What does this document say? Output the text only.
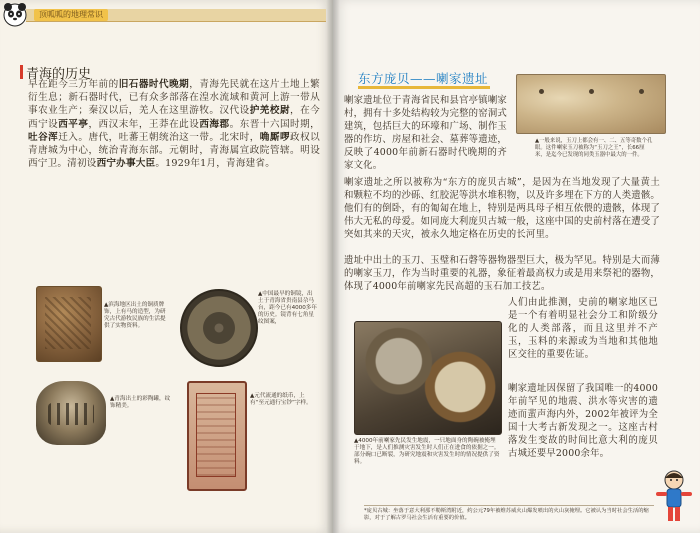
顶呱呱的地理常识
青海的历史
早在距今三万年前的旧石器时代晚期，青海先民就在这片土地上繁衍生息；新石器时代，已有众多部落在湟水流域和黄河上游一带从事农业生产；秦汉以后，羌人在这里游牧。汉代设护羌校尉，在今西宁设西平亭，西汉末年，王莽在此设西海郡。东晋十六国时期，吐谷浑迁入。唐代，吐蕃王朝统治这一带。北宋时，唃厮啰政权以青唐城为中心，统治青海东部。元朝时，青海属宣政院管辖。明设西宁卫。清初设西宁办事大臣。1929年1月，青海建省。
▲滨海地区出土的铜质牌饰，上有马的造型，为研究古代游牧民族的生活提供了实物资料。
▲中国最早的铜镜，出土于青海省贵南县尕马台，距今已有4000多年的历史。镜背有七角星纹图案，
▲青海出土的彩陶罐，纹饰精美。
▲元代流通的纸币，上有“至元通行宝钞”字样。
东方庞贝——喇家遗址
▲一般来说，玉刀上都会有一、二、五等奇数个孔眼。这件喇家玉刀被称为“玉刀之王”，长66厘米，是迄今已发现的同类玉器中最大的一件。
喇家遗址位于青海省民和县官亭镇喇家村，拥有十多处结构较为完整的窑洞式建筑，包括巨大的环壕和广场、制作玉器的作坊、房屋和社会、墓葬等遗迹，反映了4000年前新石器时代晚期的齐家文化。
喇家遗址之所以被称为“东方的庞贝古城”，是因为在当地发现了大量黄土和颗粒不均的沙砾、红胶泥等洪水堆积物，以及许多埋在下方的人类遗骸。他们有的倒卧，有的匍匐在地上，特别是两具母子相互依偎的遗骸，体现了伟大无私的母爱。如同庞大利庞贝古城一般，这座中国的史前村落在遭受了突如其来的天灾，被永久地定格在历史的长河里。
遗址中出土的玉刀、玉璧和石磬等器物器型巨大，极为罕见。特别是大而薄的喇家玉刀，作为当时重要的礼器，象征着最高权力或是用来祭祀的器物，体现了4000年前喇家先民高超的玉石加工技艺。
▲4000年前喇家先民发生地震，一只地面身的陶碗被掩埋于地下，是人们推测灾害发生时人们正在进食的依据之一。部分碗口已断裂，为研究地震和灾害发生时的情况提供了资料。
人们由此推测，史前的喇家地区已是一个有着明显社会分工和阶级分化的人类部落，而且这里并不产玉，玉料的来源或为当地和其他地区交往的重要佐证。
喇家遗址因保留了我国唯一的4000年前罕见的地震、洪水等灾害的遗迹而蜚声海内外，2002年被评为全国十大考古新发现之一。这座古村落发生变故的时间比意大利的庞贝古城还要早2000余年。
*庞贝古城：坐落于意大利那不勒斯湾附近，约公元79年被维苏威火山爆发喷出的火山灰掩埋。它被认为当时社会生活的缩影，对于了解古罗马社会生活有重要的价值。
